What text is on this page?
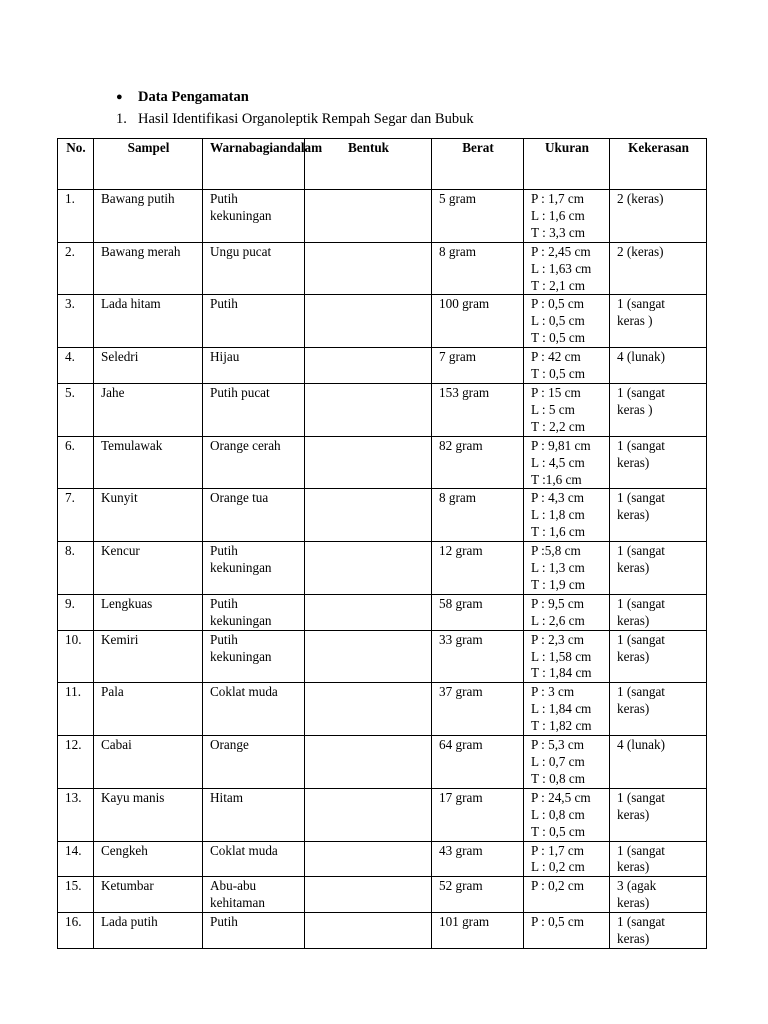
● Data Pengamatan
1. Hasil Identifikasi Organoleptik Rempah Segar dan Bubuk
No.	Sampel	Warnabagiandalam	Bentuk	Berat	Ukuran	Kekerasan

1.	Bawang putih	Putih
kekuningan		5 gram	P : 1,7 cm
L : 1,6 cm
T : 3,3 cm	2 (keras)

2.	Bawang merah	Ungu pucat		8 gram	P : 2,45 cm
L : 1,63 cm
T : 2,1 cm	2 (keras)

3.	Lada hitam	Putih		100 gram	P : 0,5 cm
L : 0,5 cm
T : 0,5 cm	1 (sangat
keras )

4.	Seledri	Hijau		7 gram	P : 42 cm
T : 0,5 cm	4 (lunak)

5.	Jahe	Putih pucat		153 gram	P : 15 cm
L : 5 cm
T : 2,2 cm	1 (sangat
keras )

6.	Temulawak	Orange cerah		82 gram	P : 9,81 cm
L : 4,5 cm
T :1,6 cm	1 (sangat
keras)

7.	Kunyit	Orange tua		8 gram	P : 4,3 cm
L : 1,8 cm
T : 1,6 cm	1 (sangat
keras)

8.	Kencur	Putih
kekuningan		12 gram	P :5,8 cm
L : 1,3 cm
T : 1,9 cm	1 (sangat
keras)

9.	Lengkuas	Putih
kekuningan		58 gram	P : 9,5 cm
L : 2,6 cm	1 (sangat
keras)

10.	Kemiri	Putih
kekuningan		33 gram	P : 2,3 cm
L : 1,58 cm
T : 1,84 cm	1 (sangat
keras)

11.	Pala	Coklat muda		37 gram	P : 3 cm
L : 1,84 cm
T : 1,82 cm	1 (sangat
keras)

12.	Cabai	Orange		64 gram	P : 5,3 cm
L : 0,7 cm
T : 0,8 cm	4 (lunak)

13.	Kayu manis	Hitam		17 gram	P : 24,5 cm
L : 0,8 cm
T : 0,5 cm	1 (sangat
keras)

14.	Cengkeh	Coklat muda		43 gram	P : 1,7 cm
L : 0,2 cm	1 (sangat
keras)

15.	Ketumbar	Abu-abu
kehitaman		52 gram	P : 0,2 cm	3 (agak
keras)

16.	Lada putih	Putih		101 gram	P : 0,5 cm	1 (sangat
keras)
